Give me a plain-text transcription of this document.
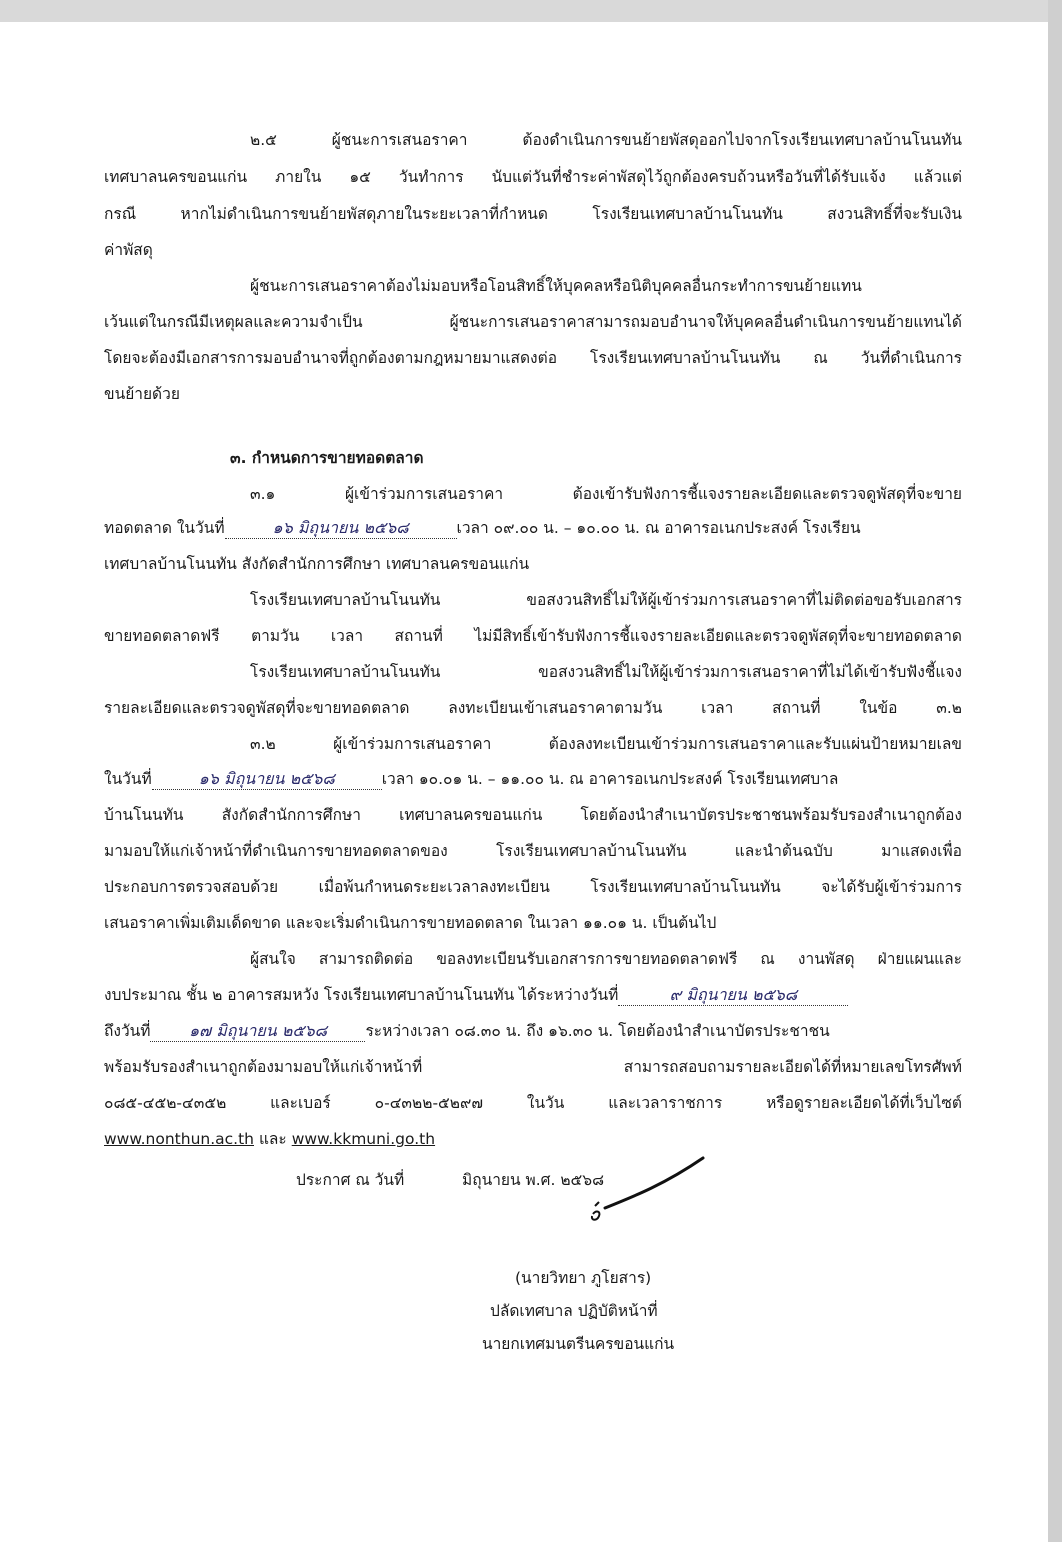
๒.๕ ผู้ชนะการเสนอราคา ต้องดำเนินการขนย้ายพัสดุออกไปจากโรงเรียนเทศบาลบ้านโนนทัน
เทศบาลนครขอนแก่น ภายใน ๑๕ วันทำการ นับแต่วันที่ชำระค่าพัสดุไว้ถูกต้องครบถ้วนหรือวันที่ได้รับแจ้ง แล้วแต่
กรณี หากไม่ดำเนินการขนย้ายพัสดุภายในระยะเวลาที่กำหนด โรงเรียนเทศบาลบ้านโนนทัน สงวนสิทธิ์ที่จะรับเงิน
ค่าพัสดุ
ผู้ชนะการเสนอราคาต้องไม่มอบหรือโอนสิทธิ์ให้บุคคลหรือนิติบุคคลอื่นกระทำการขนย้ายแทน
เว้นแต่ในกรณีมีเหตุผลและความจำเป็น ผู้ชนะการเสนอราคาสามารถมอบอำนาจให้บุคคลอื่นดำเนินการขนย้ายแทนได้
โดยจะต้องมีเอกสารการมอบอำนาจที่ถูกต้องตามกฎหมายมาแสดงต่อ โรงเรียนเทศบาลบ้านโนนทัน ณ วันที่ดำเนินการ
ขนย้ายด้วย
๓. กำหนดการขายทอดตลาด
๓.๑ ผู้เข้าร่วมการเสนอราคา ต้องเข้ารับฟังการชี้แจงรายละเอียดและตรวจดูพัสดุที่จะขาย
ทอดตลาด ในวันที่	๑๖ มิถุนายน ๒๕๖๘	เวลา ๐๙.๐๐ น. – ๑๐.๐๐ น. ณ อาคารอเนกประสงค์ โรงเรียน
เทศบาลบ้านโนนทัน สังกัดสำนักการศึกษา เทศบาลนครขอนแก่น
โรงเรียนเทศบาลบ้านโนนทัน ขอสงวนสิทธิ์ไม่ให้ผู้เข้าร่วมการเสนอราคาที่ไม่ติดต่อขอรับเอกสาร
ขายทอดตลาดฟรี ตามวัน เวลา สถานที่ ไม่มีสิทธิ์เข้ารับฟังการชี้แจงรายละเอียดและตรวจดูพัสดุที่จะขายทอดตลาด
โรงเรียนเทศบาลบ้านโนนทัน ขอสงวนสิทธิ์ไม่ให้ผู้เข้าร่วมการเสนอราคาที่ไม่ได้เข้ารับฟังชี้แจง
รายละเอียดและตรวจดูพัสดุที่จะขายทอดตลาด ลงทะเบียนเข้าเสนอราคาตามวัน เวลา สถานที่ ในข้อ ๓.๒
๓.๒ ผู้เข้าร่วมการเสนอราคา ต้องลงทะเบียนเข้าร่วมการเสนอราคาและรับแผ่นป้ายหมายเลข
ในวันที่	๑๖ มิถุนายน ๒๕๖๘	เวลา ๑๐.๐๑ น. – ๑๑.๐๐ น. ณ อาคารอเนกประสงค์ โรงเรียนเทศบาล
บ้านโนนทัน สังกัดสำนักการศึกษา เทศบาลนครขอนแก่น โดยต้องนำสำเนาบัตรประชาชนพร้อมรับรองสำเนาถูกต้อง
มามอบให้แก่เจ้าหน้าที่ดำเนินการขายทอดตลาดของ โรงเรียนเทศบาลบ้านโนนทัน และนำต้นฉบับ มาแสดงเพื่อ
ประกอบการตรวจสอบด้วย เมื่อพ้นกำหนดระยะเวลาลงทะเบียน โรงเรียนเทศบาลบ้านโนนทัน จะได้รับผู้เข้าร่วมการ
เสนอราคาเพิ่มเติมเด็ดขาด และจะเริ่มดำเนินการขายทอดตลาด ในเวลา ๑๑.๐๑ น. เป็นต้นไป
ผู้สนใจ สามารถติดต่อ ขอลงทะเบียนรับเอกสารการขายทอดตลาดฟรี ณ งานพัสดุ ฝ่ายแผนและ
งบประมาณ ชั้น ๒ อาคารสมหวัง โรงเรียนเทศบาลบ้านโนนทัน ได้ระหว่างวันที่	๙ มิถุนายน ๒๕๖๘
ถึงวันที่ ๑๗ มิถุนายน ๒๕๖๘ ระหว่างเวลา ๐๘.๓๐ น. ถึง ๑๖.๓๐ น. โดยต้องนำสำเนาบัตรประชาชน
พร้อมรับรองสำเนาถูกต้องมามอบให้แก่เจ้าหน้าที่ สามารถสอบถามรายละเอียดได้ที่หมายเลขโทรศัพท์
๐๘๕-๔๕๒-๔๓๕๒ และเบอร์ ๐-๔๓๒๒-๕๒๙๗ ในวัน และเวลาราชการ หรือดูรายละเอียดได้ที่เว็บไซต์
www.nonthun.ac.th และ www.kkmuni.go.th
ประกาศ ณ วันที่	มิถุนายน พ.ศ. ๒๕๖๘
(นายวิทยา ภูโยสาร)
ปลัดเทศบาล ปฏิบัติหน้าที่
นายกเทศมนตรีนครขอนแก่น
